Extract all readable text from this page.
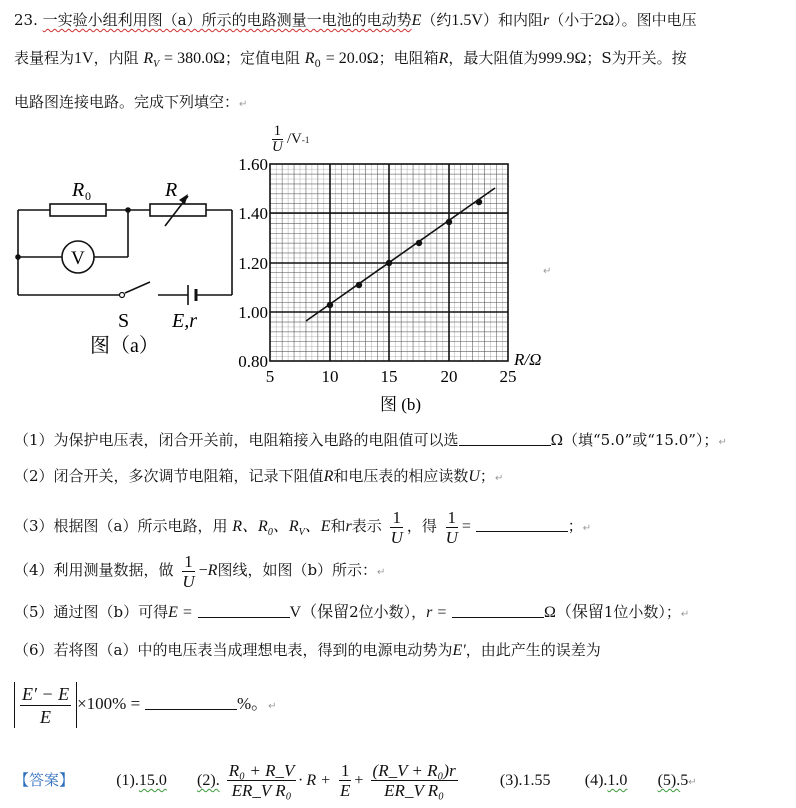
23. 一实验小组利用图（a）所示的电路测量一电池的电动势E（约1.5V）和内阻r（小于2Ω）。图中电压
表量程为1V，内阻 $R_V = 380.0\Omega$；定值电阻 $R_0 = 20.0\Omega$；电阻箱R，最大阻值为999.9Ω；S为开关。按
电路图连接电路。完成下列填空：↵
R 0	R
V
S E,r
图（a）
$\frac{1}{U} /V$ -1
1.60
1.40
1.20
1.00
0.80
5	10 15	20 25
R/Ω
图 (b)
↵
（1）为保护电压表，闭合开关前，电阻箱接入电路的电阻值可以选	Ω（填“5.0”或“15.0”）；↵
（2）闭合开关，多次调节电阻箱，记录下阻值R和电压表的相应读数U；↵
（3）根据图（a）所示电路，用 R、$R_0$、$R_V$、E和r表示 $\frac{1}{U}$ ，得 $\frac{1}{U}$ =	；↵
（4）利用测量数据，做 $\frac{1}{U} -R$图线，如图（b）所示：↵
（5）通过图（b）可得E =	V（保留2位小数），r =	Ω（保留1位小数）；↵
（6）若将图（a）中的电压表当成理想电表，得到的电源电动势为E′，由此产生的误差为
$\frac{E' - E}{E} \times 100\%$ =	%。↵
【答案】	(1).15.0 (2). $\frac{\text{R₀ + R\_V}}{\text{ER\_V R₀}} \cdot R + \frac{1}{E} + \frac{\text{(R\_V + R₀)r}}{\text{ER\_V R₀}}$	(3).1.55 (4).1.0 (5).5↵
